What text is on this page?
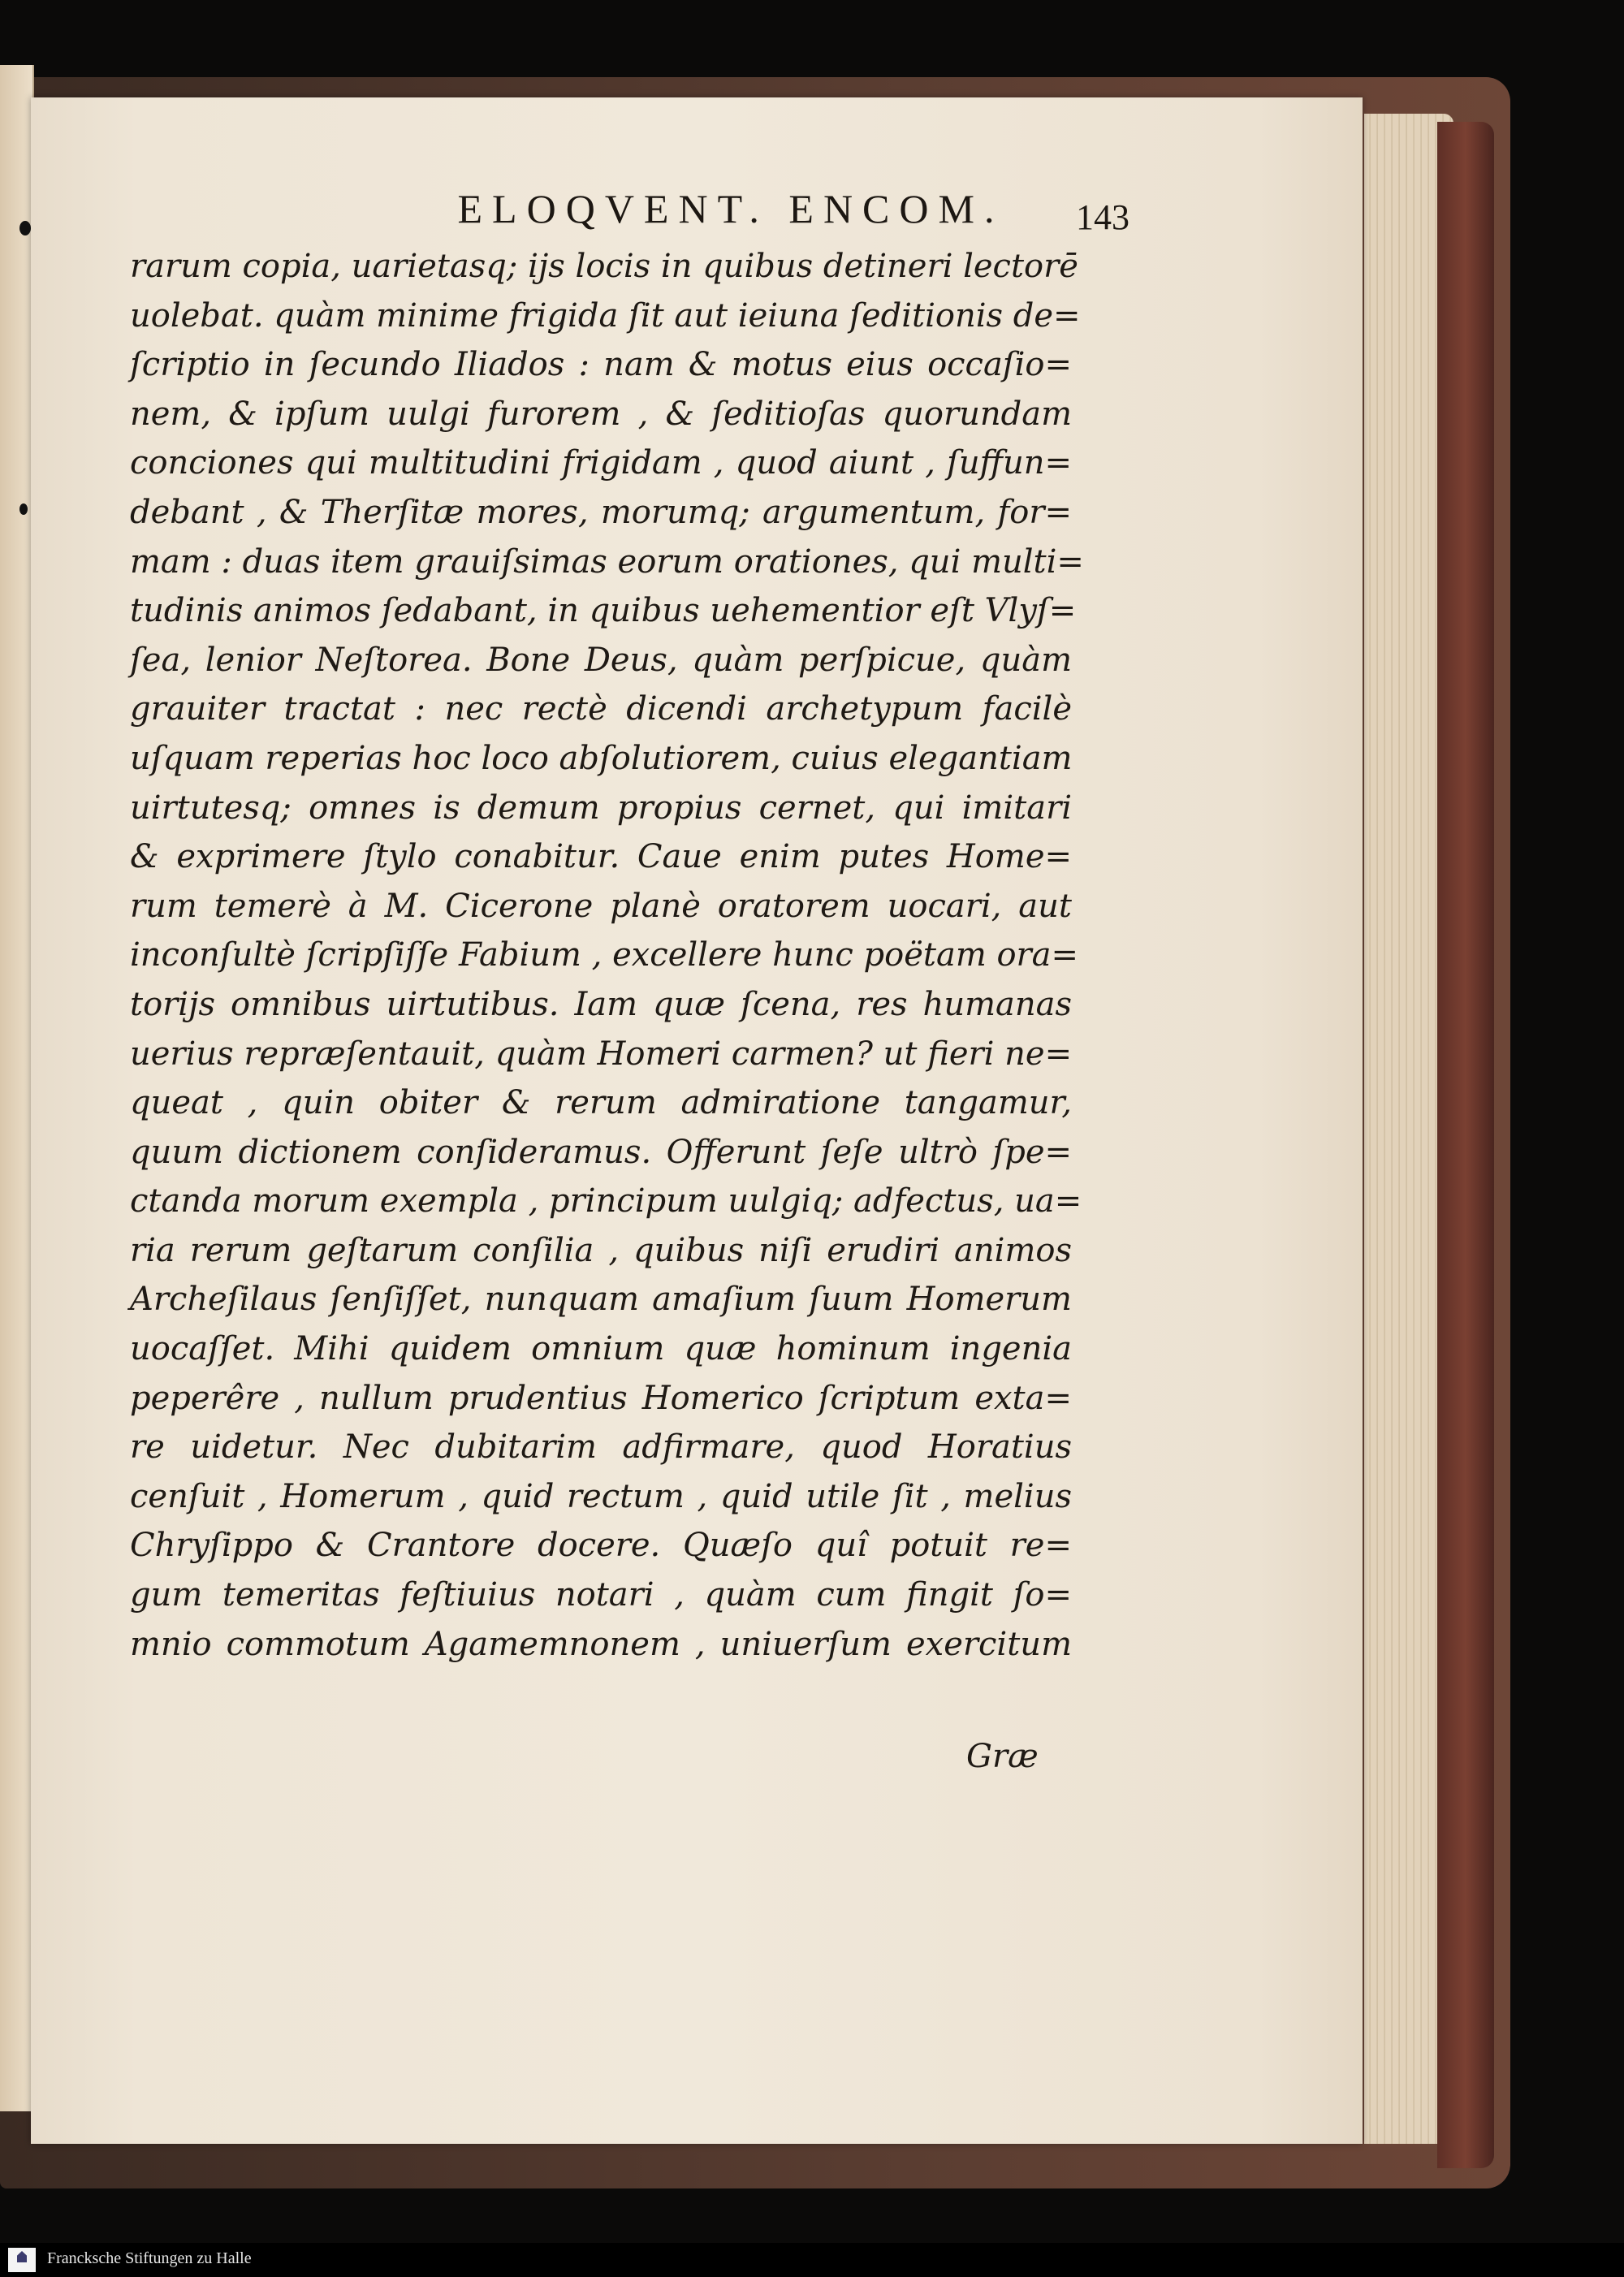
ELOQVENT. ENCOM.	143
rarum copia, uarietasq; ijs locis in quibus detineri lectorē
uolebat. quàm minime frigida ſit aut ieiuna ſeditionis de=
ſcriptio in ſecundo Iliados : nam & motus eius occaſio=
nem, & ipſum uulgi furorem , & ſeditioſas quorundam
conciones qui multitudini frigidam , quod aiunt , ſuffun=
debant , & Therſitæ mores, morumq; argumentum, for=
mam : duas item grauiſsimas eorum orationes, qui multi=
tudinis animos ſedabant, in quibus uehementior eſt Vlyſ=
ſea, lenior Neſtorea. Bone Deus, quàm perſpicue, quàm
grauiter tractat : nec rectè dicendi archetypum facilè
uſquam reperias hoc loco abſolutiorem, cuius elegantiam
uirtutesq; omnes is demum propius cernet, qui imitari
& exprimere ſtylo conabitur. Caue enim putes Home=
rum temerè à M. Cicerone planè oratorem uocari, aut
inconſultè ſcripſiſſe Fabium , excellere hunc poëtam ora=
torijs omnibus uirtutibus. Iam quæ ſcena, res humanas
uerius repræſentauit, quàm Homeri carmen? ut fieri ne=
queat , quin obiter & rerum admiratione tangamur,
quum dictionem conſideramus. Offerunt ſeſe ultrò ſpe=
ctanda morum exempla , principum uulgiq; adfectus, ua=
ria rerum geſtarum conſilia , quibus niſi erudiri animos
Archeſilaus ſenſiſſet, nunquam amaſium ſuum Homerum
uocaſſet. Mihi quidem omnium quæ hominum ingenia
peperêre , nullum prudentius Homerico ſcriptum exta=
re uidetur. Nec dubitarim adfirmare, quod Horatius
cenſuit , Homerum , quid rectum , quid utile ſit , melius
Chryſippo & Crantore docere. Quæſo quî potuit re=
gum temeritas feſtiuius notari , quàm cum fingit ſo=
mnio commotum Agamemnonem , uniuerſum exercitum
Græ
Francksche Stiftungen zu Halle
